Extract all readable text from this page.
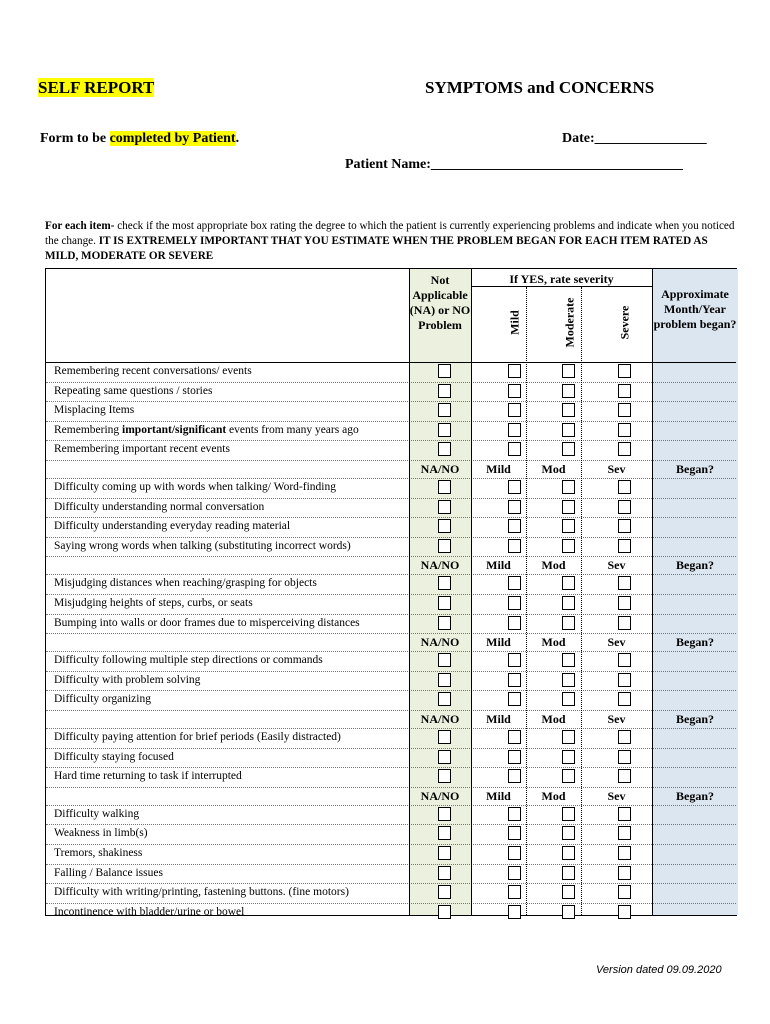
SELF REPORT	SYMPTOMS and CONCERNS
Form to be completed by Patient.	Date:________________
Patient Name:____________________________________
For each item- check if the most appropriate box rating the degree to which the patient is currently experiencing problems and indicate when you noticed the change. IT IS EXTREMELY IMPORTANT THAT YOU ESTIMATE WHEN THE PROBLEM BEGAN FOR EACH ITEM RATED AS MILD, MODERATE OR SEVERE
Not Applicable (NA) or NO Problem
If YES, rate severity
Mild	Moderate	Severe
Approximate Month/Year problem began?
Remembering recent conversations/ events
Repeating same questions / stories
Misplacing Items
Remembering important/significant events from many years ago
Remembering important recent events
NA/NO	Mild	Mod	Sev	Began?
Difficulty coming up with words when talking/ Word-finding
Difficulty understanding normal conversation
Difficulty understanding everyday reading material
Saying wrong words when talking (substituting incorrect words)
NA/NO	Mild	Mod	Sev	Began?
Misjudging distances when reaching/grasping for objects
Misjudging heights of steps, curbs, or seats
Bumping into walls or door frames due to misperceiving distances
NA/NO	Mild	Mod	Sev	Began?
Difficulty following multiple step directions or commands
Difficulty with problem solving
Difficulty organizing
NA/NO	Mild	Mod	Sev	Began?
Difficulty paying attention for brief periods (Easily distracted)
Difficulty staying focused
Hard time returning to task if interrupted
NA/NO	Mild	Mod	Sev	Began?
Difficulty walking
Weakness in limb(s)
Tremors, shakiness
Falling / Balance issues
Difficulty with writing/printing, fastening buttons. (fine motors)
Incontinence with bladder/urine or bowel
Version dated 09.09.2020
